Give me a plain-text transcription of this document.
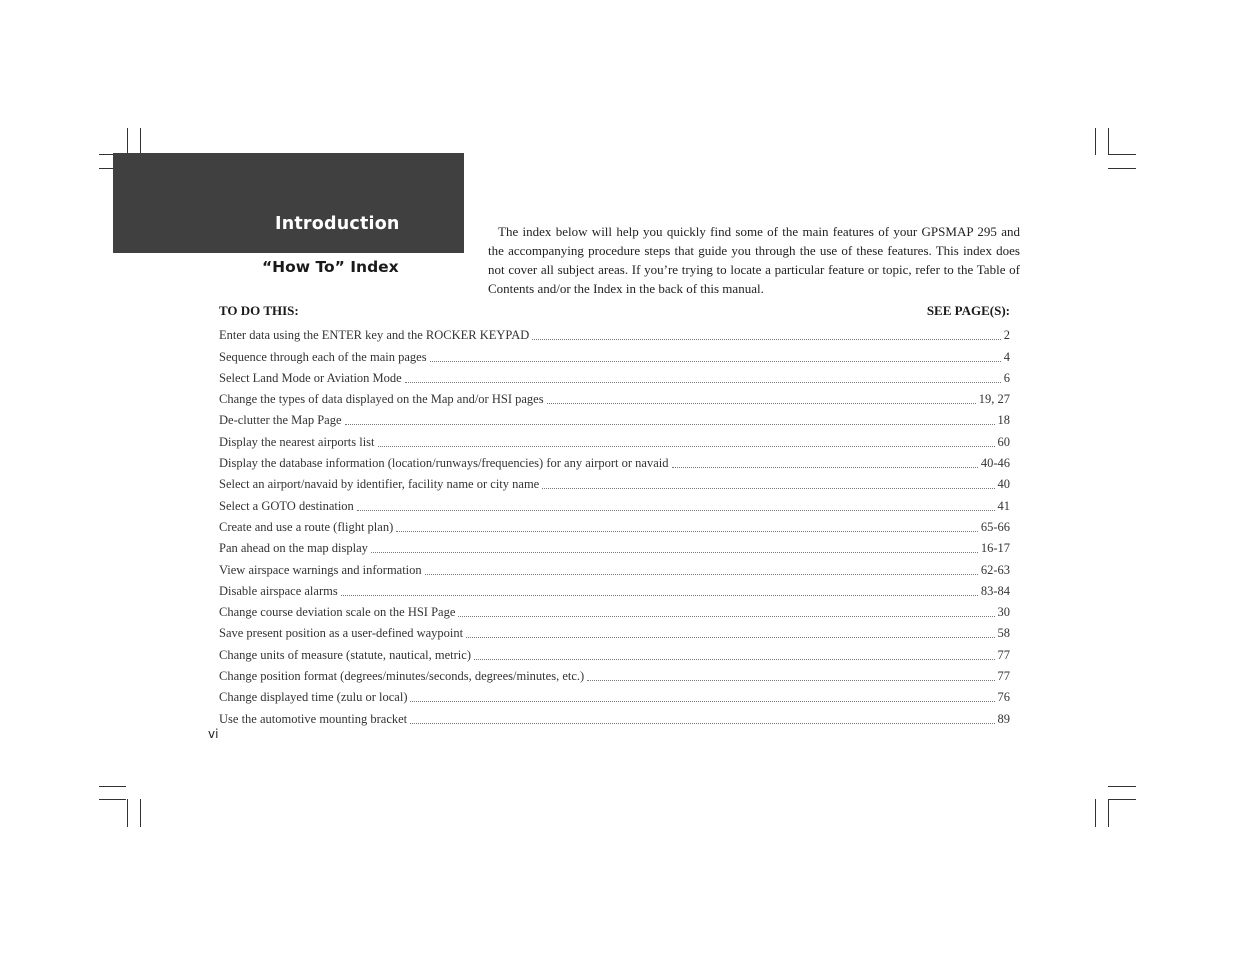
Introduction
“How To” Index
The index below will help you quickly find some of the main features of your GPSMAP 295 and the accompanying procedure steps that guide you through the use of these features. This index does not cover all subject areas. If you’re trying to locate a particular feature or topic, refer to the Table of Contents and/or the Index in the back of this manual.
TO DO THIS:	SEE PAGE(S):
Enter data using the ENTER key and the ROCKER KEYPAD	2
Sequence through each of the main pages	4
Select Land Mode or Aviation Mode	6
Change the types of data displayed on the Map and/or HSI pages	19, 27
De-clutter the Map Page	18
Display the nearest airports list	60
Display the database information (location/runways/frequencies) for any airport or navaid	40-46
Select an airport/navaid by identifier, facility name or city name	40
Select a GOTO destination	41
Create and use a route (flight plan)	65-66
Pan ahead on the map display	16-17
View airspace warnings and information	62-63
Disable airspace alarms	83-84
Change course deviation scale on the HSI Page	30
Save present position as a user-defined waypoint	58
Change units of measure (statute, nautical, metric)	77
Change position format (degrees/minutes/seconds, degrees/minutes, etc.)	77
Change displayed time (zulu or local)	76
Use the automotive mounting bracket	89
vi
